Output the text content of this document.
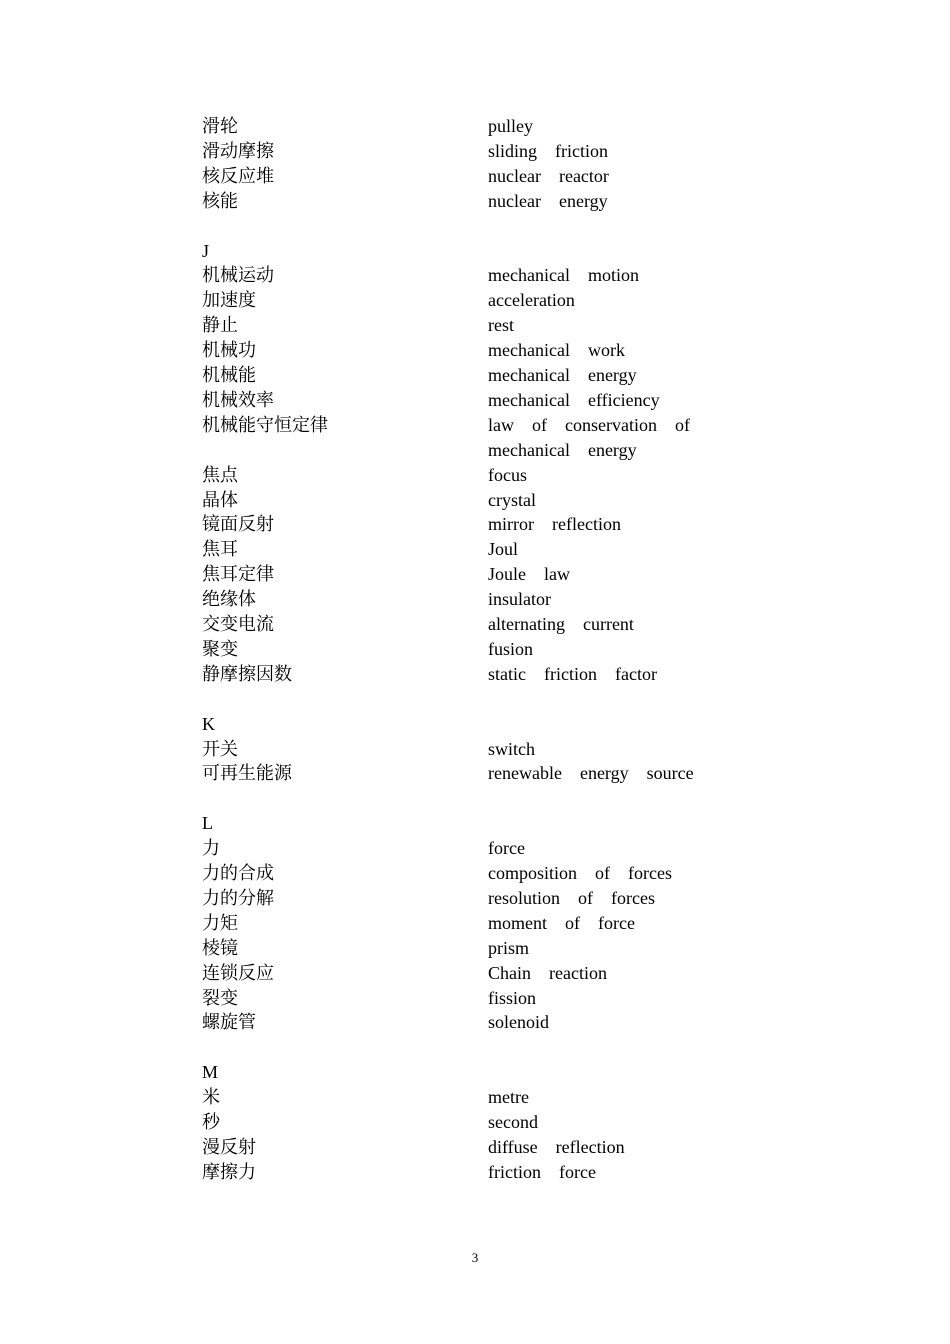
滑轮	pulley
滑动摩擦	sliding    friction
核反应堆	nuclear    reactor
核能	nuclear    energy
J
机械运动	mechanical    motion
加速度	acceleration
静止	rest
机械功	mechanical    work
机械能	mechanical    energy
机械效率	mechanical    efficiency
机械能守恒定律	law    of    conservation    of
mechanical    energy
焦点	focus
晶体	crystal
镜面反射	mirror    reflection
焦耳	Joul
焦耳定律	Joule    law
绝缘体	insulator
交变电流	alternating    current
聚变	fusion
静摩擦因数	static    friction    factor
K
开关	switch
可再生能源	renewable    energy    source
L
力	force
力的合成	composition    of    forces
力的分解	resolution    of    forces
力矩	moment    of    force
棱镜	prism
连锁反应	Chain    reaction
裂变	fission
螺旋管	solenoid
M
米	metre
秒	second
漫反射	diffuse    reflection
摩擦力	friction    force
3
